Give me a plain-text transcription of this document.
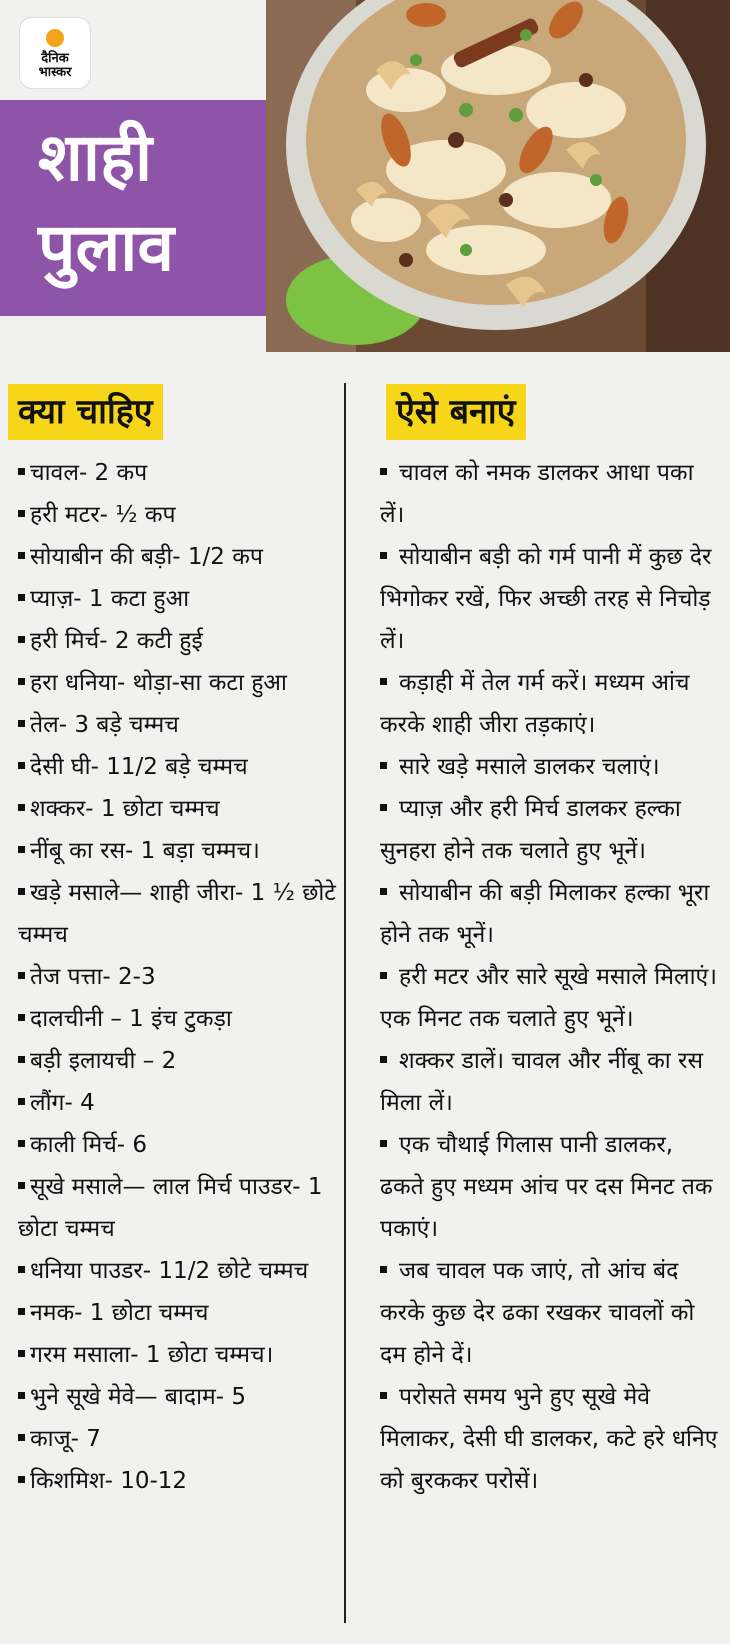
दैनिक
भास्कर
शाही
पुलाव
क्या चाहिए	ऐसे बनाएं
चावल- 2 कप
हरी मटर- ½ कप
सोयाबीन की बड़ी- 1/2 कप
प्याज़- 1 कटा हुआ
हरी मिर्च- 2 कटी हुई
हरा धनिया- थोड़ा-सा कटा हुआ
तेल- 3 बड़े चम्मच
देसी घी- 11/2 बड़े चम्मच
शक्कर- 1 छोटा चम्मच
नींबू का रस- 1 बड़ा चम्मच।
खड़े मसाले— शाही जीरा- 1 ½ छोटे चम्मच
तेज पत्ता- 2-3
दालचीनी – 1 इंच टुकड़ा
बड़ी इलायची – 2
लौंग- 4
काली मिर्च- 6
सूखे मसाले— लाल मिर्च पाउडर- 1 छोटा चम्मच
धनिया पाउडर- 11/2 छोटे चम्मच
नमक- 1 छोटा चम्मच
गरम मसाला- 1 छोटा चम्मच।
भुने सूखे मेवे— बादाम- 5
काजू- 7
किशमिश- 10-12
चावल को नमक डालकर आधा पका लें।
सोयाबीन बड़ी को गर्म पानी में कुछ देर भिगोकर रखें, फिर अच्छी तरह से निचोड़ लें।
कड़ाही में तेल गर्म करें। मध्यम आंच करके शाही जीरा तड़काएं।
सारे खड़े मसाले डालकर चलाएं।
प्याज़ और हरी मिर्च डालकर हल्का सुनहरा होने तक चलाते हुए भूनें।
सोयाबीन की बड़ी मिलाकर हल्का भूरा होने तक भूनें।
हरी मटर और सारे सूखे मसाले मिलाएं। एक मिनट तक चलाते हुए भूनें।
शक्कर डालें। चावल और नींबू का रस मिला लें।
एक चौथाई गिलास पानी डालकर, ढकते हुए मध्यम आंच पर दस मिनट तक पकाएं।
जब चावल पक जाएं, तो आंच बंद करके कुछ देर ढका रखकर चावलों को दम होने दें।
परोसते समय भुने हुए सूखे मेवे मिलाकर, देसी घी डालकर, कटे हरे धनिए को बुरककर परोसें।
